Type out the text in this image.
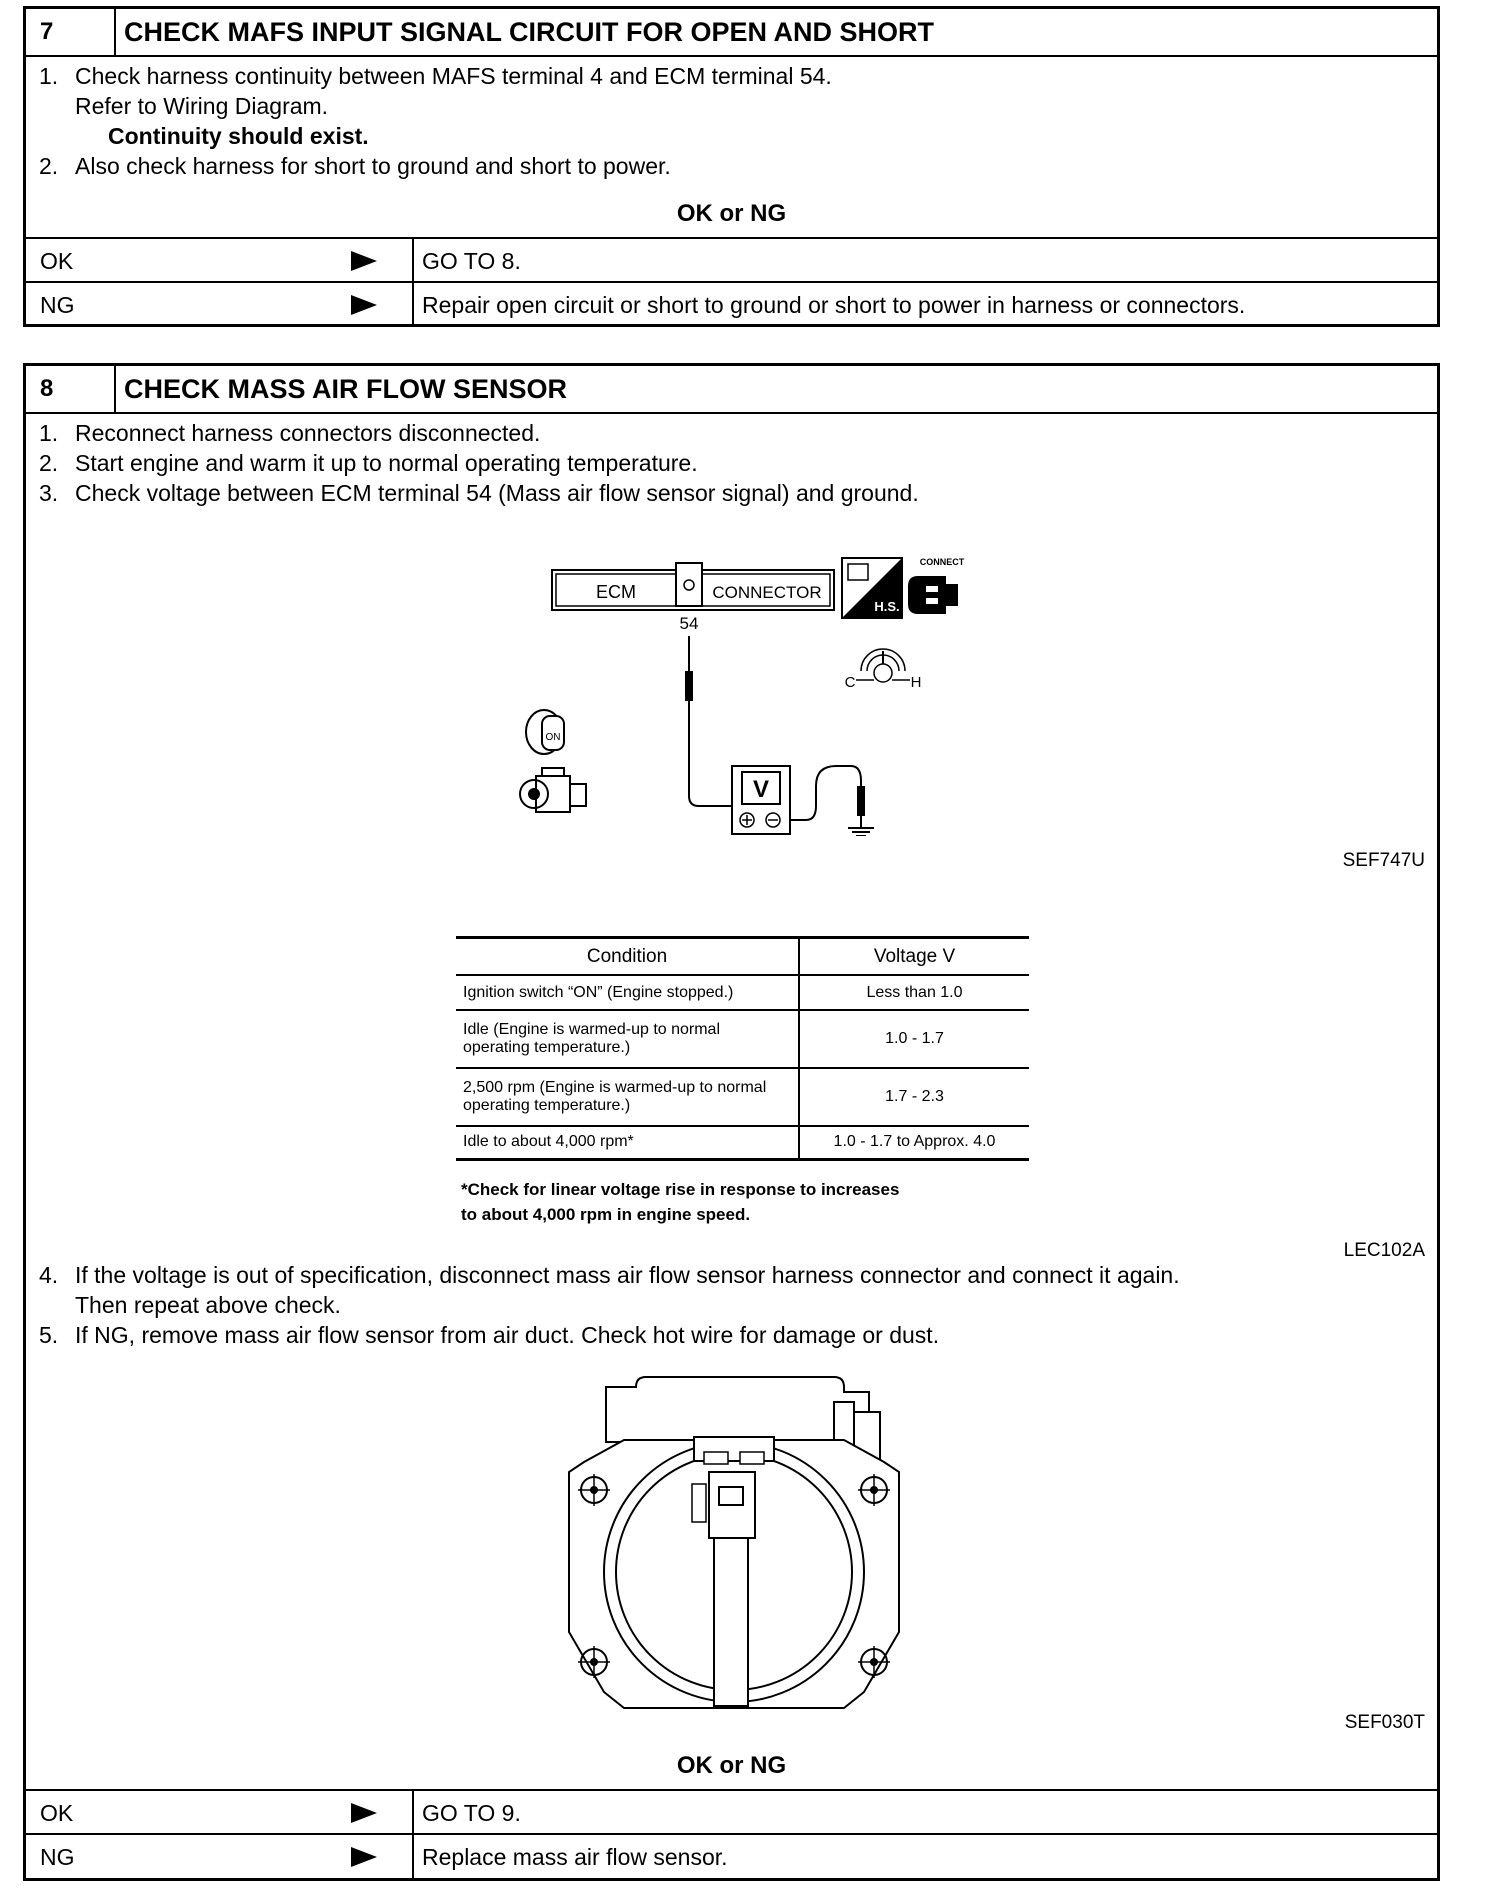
7	CHECK MAFS INPUT SIGNAL CIRCUIT FOR OPEN AND SHORT
1. Check harness continuity between MAFS terminal 4 and ECM terminal 54.
Refer to Wiring Diagram.
Continuity should exist.
2. Also check harness for short to ground and short to power.
OK or NG
OK	GO TO 8.
NG	Repair open circuit or short to ground or short to power in harness or connectors.
8	CHECK MASS AIR FLOW SENSOR
1. Reconnect harness connectors disconnected.
2. Start engine and warm it up to normal operating temperature.
3. Check voltage between ECM terminal 54 (Mass air flow sensor signal) and ground.
ECM	CONNECTOR
54
V
H.S.
CONNECT
C	H
ON
SEF747U
Condition	Voltage V
Ignition switch “ON” (Engine stopped.)	Less than 1.0
Idle (Engine is warmed-up to normal operating temperature.)	1.0 - 1.7
2,500 rpm (Engine is warmed-up to normal operating temperature.)	1.7 - 2.3
Idle to about 4,000 rpm*	1.0 - 1.7 to Approx. 4.0
*Check for linear voltage rise in response to increases
to about 4,000 rpm in engine speed.
LEC102A
4. If the voltage is out of specification, disconnect mass air flow sensor harness connector and connect it again.
Then repeat above check.
5. If NG, remove mass air flow sensor from air duct. Check hot wire for damage or dust.
SEF030T
OK or NG
OK	GO TO 9.
NG	Replace mass air flow sensor.
